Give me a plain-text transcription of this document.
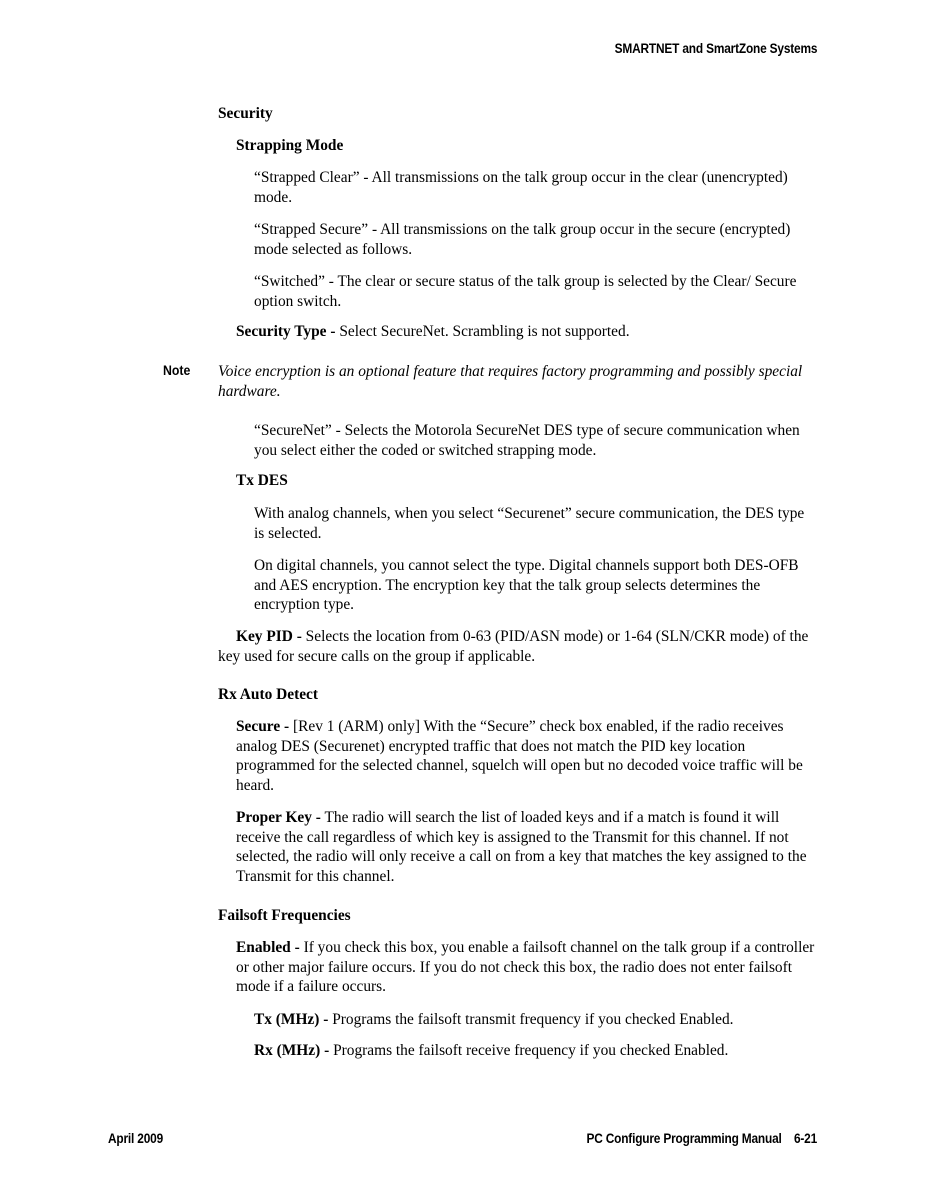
SMARTNET and SmartZone Systems
Security
Strapping Mode
“Strapped Clear” - All transmissions on the talk group occur in the clear (unencrypted) mode.
“Strapped Secure” - All transmissions on the talk group occur in the secure (encrypted) mode selected as follows.
“Switched” - The clear or secure status of the talk group is selected by the Clear/ Secure option switch.
Security Type - Select SecureNet. Scrambling is not supported.
Note Voice encryption is an optional feature that requires factory programming and possibly special hardware.
“SecureNet” - Selects the Motorola SecureNet DES type of secure communication when you select either the coded or switched strapping mode.
Tx DES
With analog channels, when you select “Securenet” secure communication, the DES type is selected.
On digital channels, you cannot select the type. Digital channels support both DES-OFB and AES encryption. The encryption key that the talk group selects determines the encryption type.
Key PID - Selects the location from 0-63 (PID/ASN mode) or 1-64 (SLN/CKR mode) of the key used for secure calls on the group if applicable.
Rx Auto Detect
Secure - [Rev 1 (ARM) only] With the “Secure” check box enabled, if the radio receives analog DES (Securenet) encrypted traffic that does not match the PID key location programmed for the selected channel, squelch will open but no decoded voice traffic will be heard.
Proper Key - The radio will search the list of loaded keys and if a match is found it will receive the call regardless of which key is assigned to the Transmit for this channel. If not selected, the radio will only receive a call on from a key that matches the key assigned to the Transmit for this channel.
Failsoft Frequencies
Enabled - If you check this box, you enable a failsoft channel on the talk group if a controller or other major failure occurs. If you do not check this box, the radio does not enter failsoft mode if a failure occurs.
Tx (MHz) - Programs the failsoft transmit frequency if you checked Enabled.
Rx (MHz) - Programs the failsoft receive frequency if you checked Enabled.
April 2009	PC Configure Programming Manual 6-21
